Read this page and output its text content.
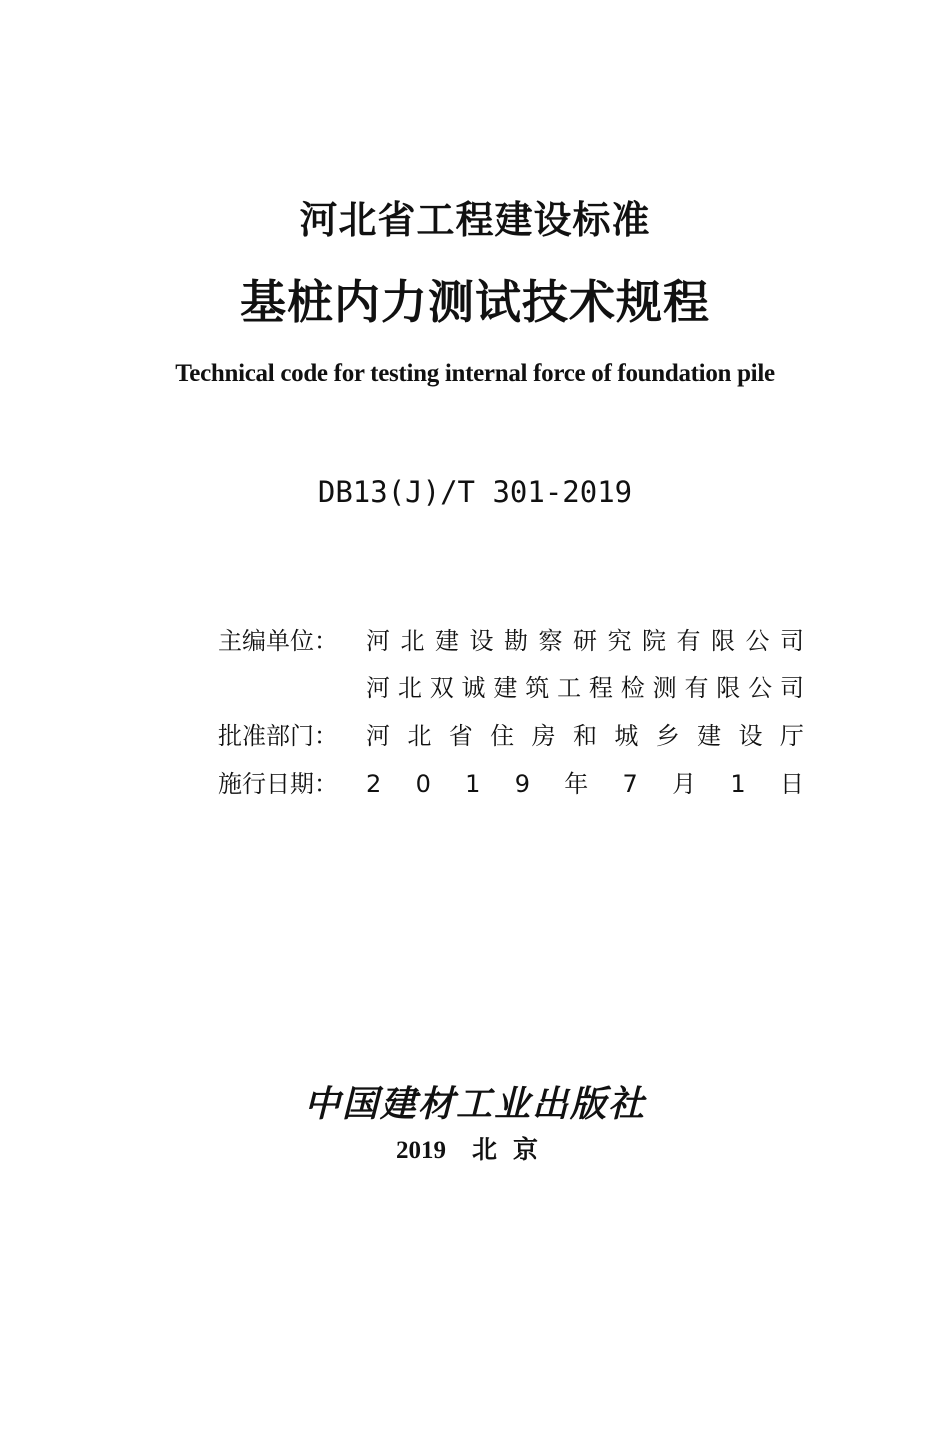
河北省工程建设标准
基桩内力测试技术规程
Technical code for testing internal force of foundation pile
DB13(J)/T 301-2019
主编单位： 河 北 建 设 勘 察 研 究 院 有 限 公 司
河 北 双 诚 建 筑 工 程 检 测 有 限 公 司
批准部门： 河 北 省 住 房 和 城 乡 建 设 厅
施行日期： 2 0 1 9 年 7 月 1 日
中国建材工业出版社
2019 北京
